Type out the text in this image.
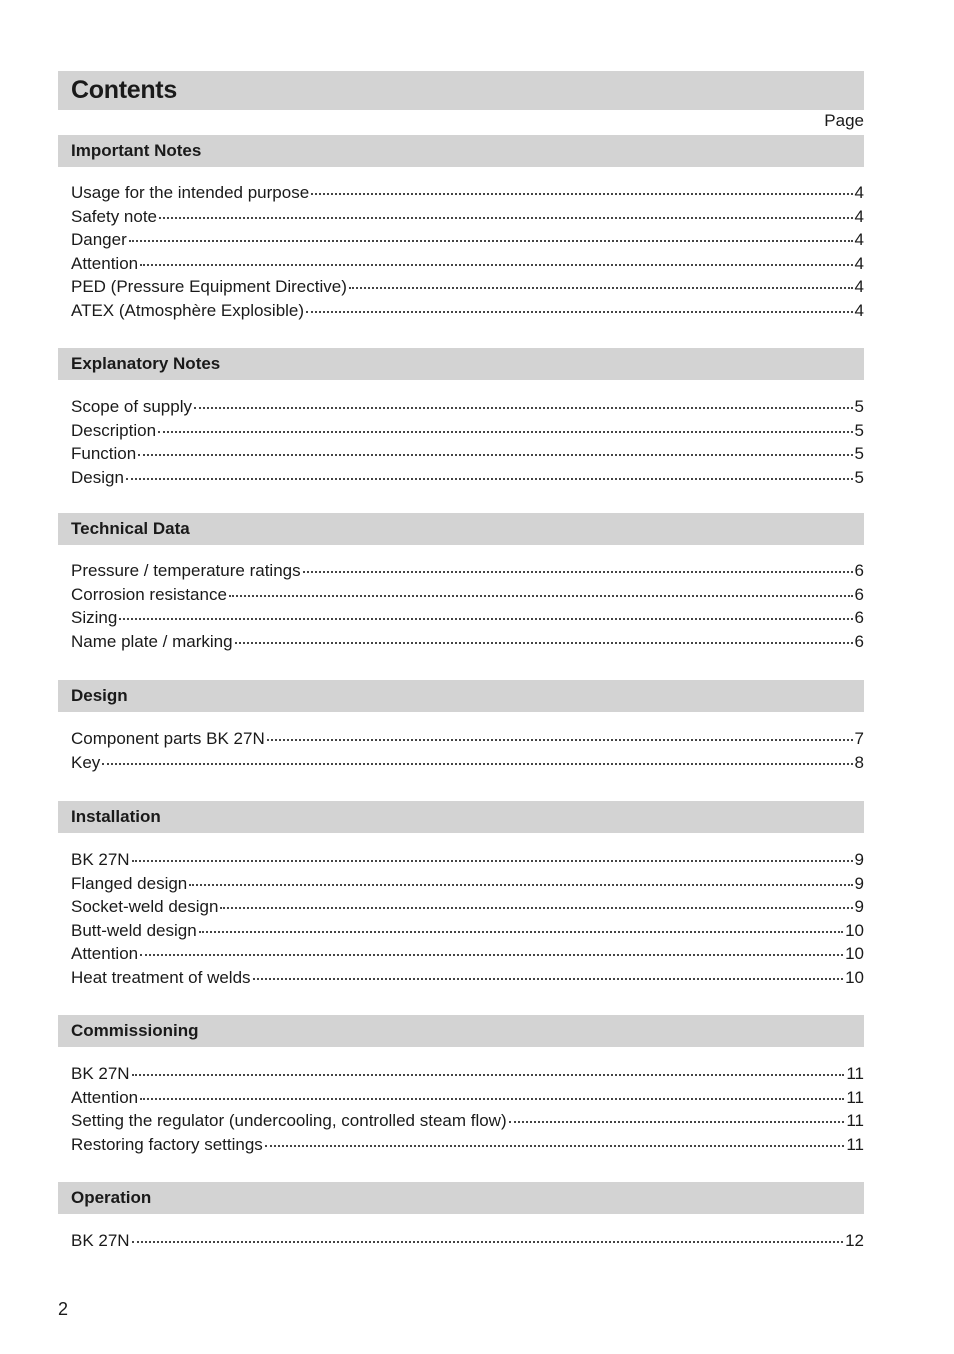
Contents
Page
Important Notes
Usage for the intended purpose	4
Safety note	4
Danger	4
Attention	4
PED (Pressure Equipment Directive)	4
ATEX (Atmosphère Explosible)	4
Explanatory Notes
Scope of supply	5
Description	5
Function	5
Design	5
Technical Data
Pressure / temperature ratings	6
Corrosion resistance	6
Sizing	6
Name plate / marking	6
Design
Component parts BK 27N	7
Key	8
Installation
BK 27N	9
Flanged design	9
Socket-weld design	9
Butt-weld design	10
Attention	10
Heat treatment of welds	10
Commissioning
BK 27N	11
Attention	11
Setting the regulator (undercooling, controlled steam flow)	11
Restoring factory settings	11
Operation
BK 27N	12
2
